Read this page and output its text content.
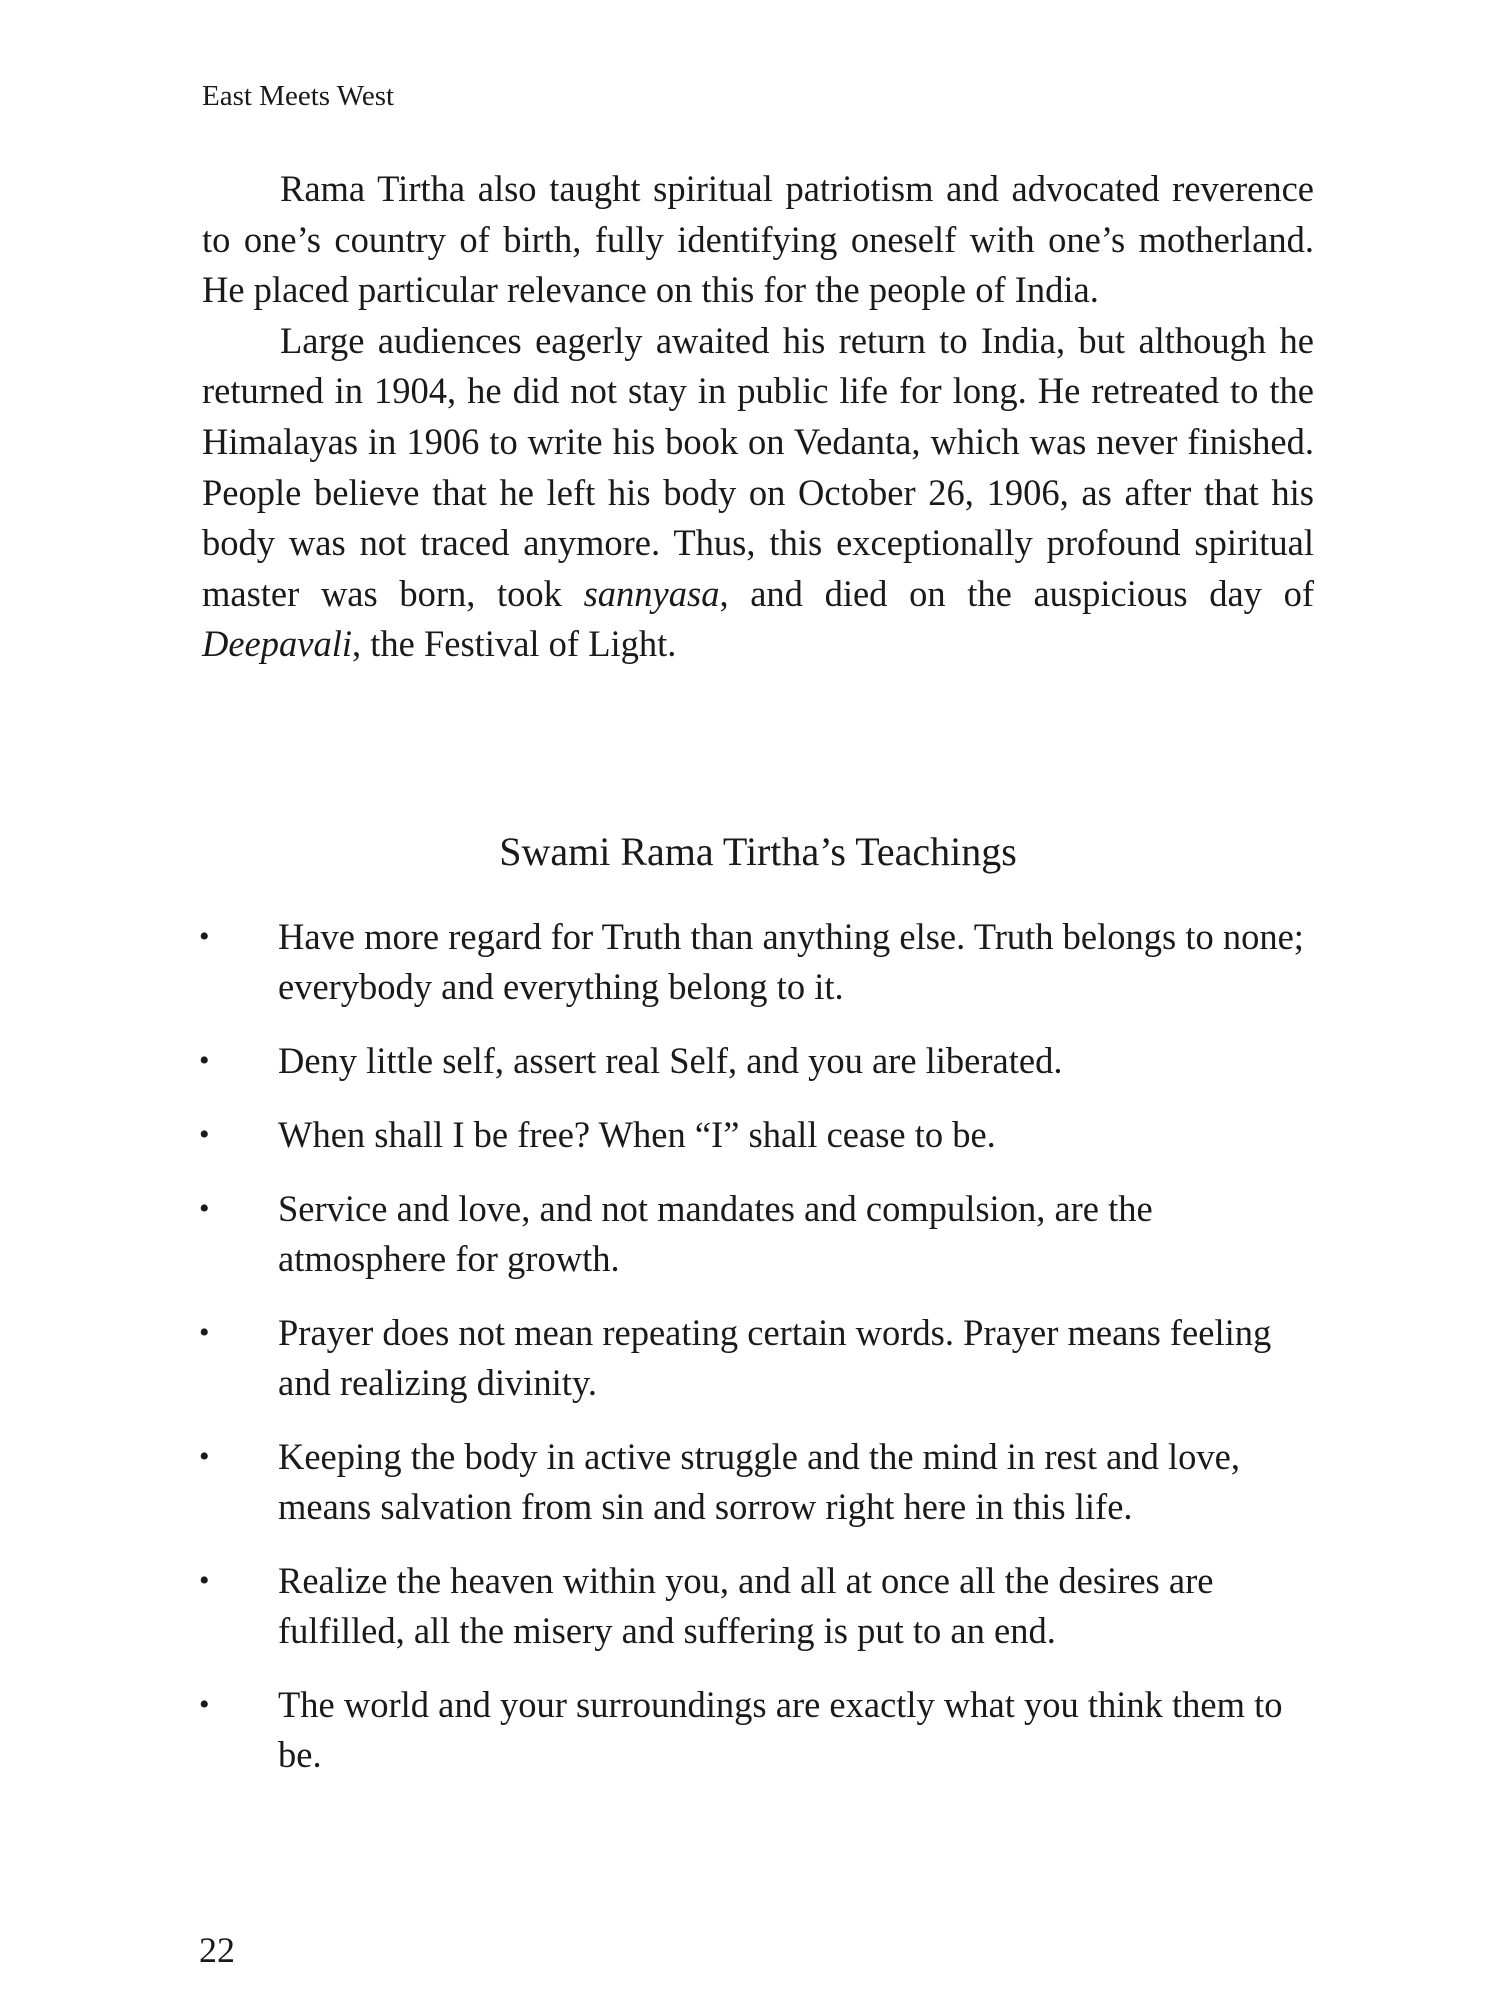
East Meets West

Rama Tirtha also taught spiritual patriotism and advocated reverence to one’s country of birth, fully identifying oneself with one’s motherland. He placed particular relevance on this for the people of India.

Large audiences eagerly awaited his return to India, but although he returned in 1904, he did not stay in public life for long. He retreated to the Himalayas in 1906 to write his book on Vedanta, which was never finished. People believe that he left his body on October 26, 1906, as after that his body was not traced anymore. Thus, this exceptionally profound spiritual master was born, took sannyasa, and died on the auspicious day of Deepavali, the Festival of Light.

Swami Rama Tirtha’s Teachings
• Have more regard for Truth than anything else. Truth belongs to none; everybody and everything belong to it.
• Deny little self, assert real Self, and you are liberated.
• When shall I be free? When “I” shall cease to be.
• Service and love, and not mandates and compulsion, are the atmosphere for growth.
• Prayer does not mean repeating certain words. Prayer means feeling and realizing divinity.
• Keeping the body in active struggle and the mind in rest and love, means salvation from sin and sorrow right here in this life.
• Realize the heaven within you, and all at once all the desires are fulfilled, all the misery and suffering is put to an end.
• The world and your surroundings are exactly what you think them to be.
22
